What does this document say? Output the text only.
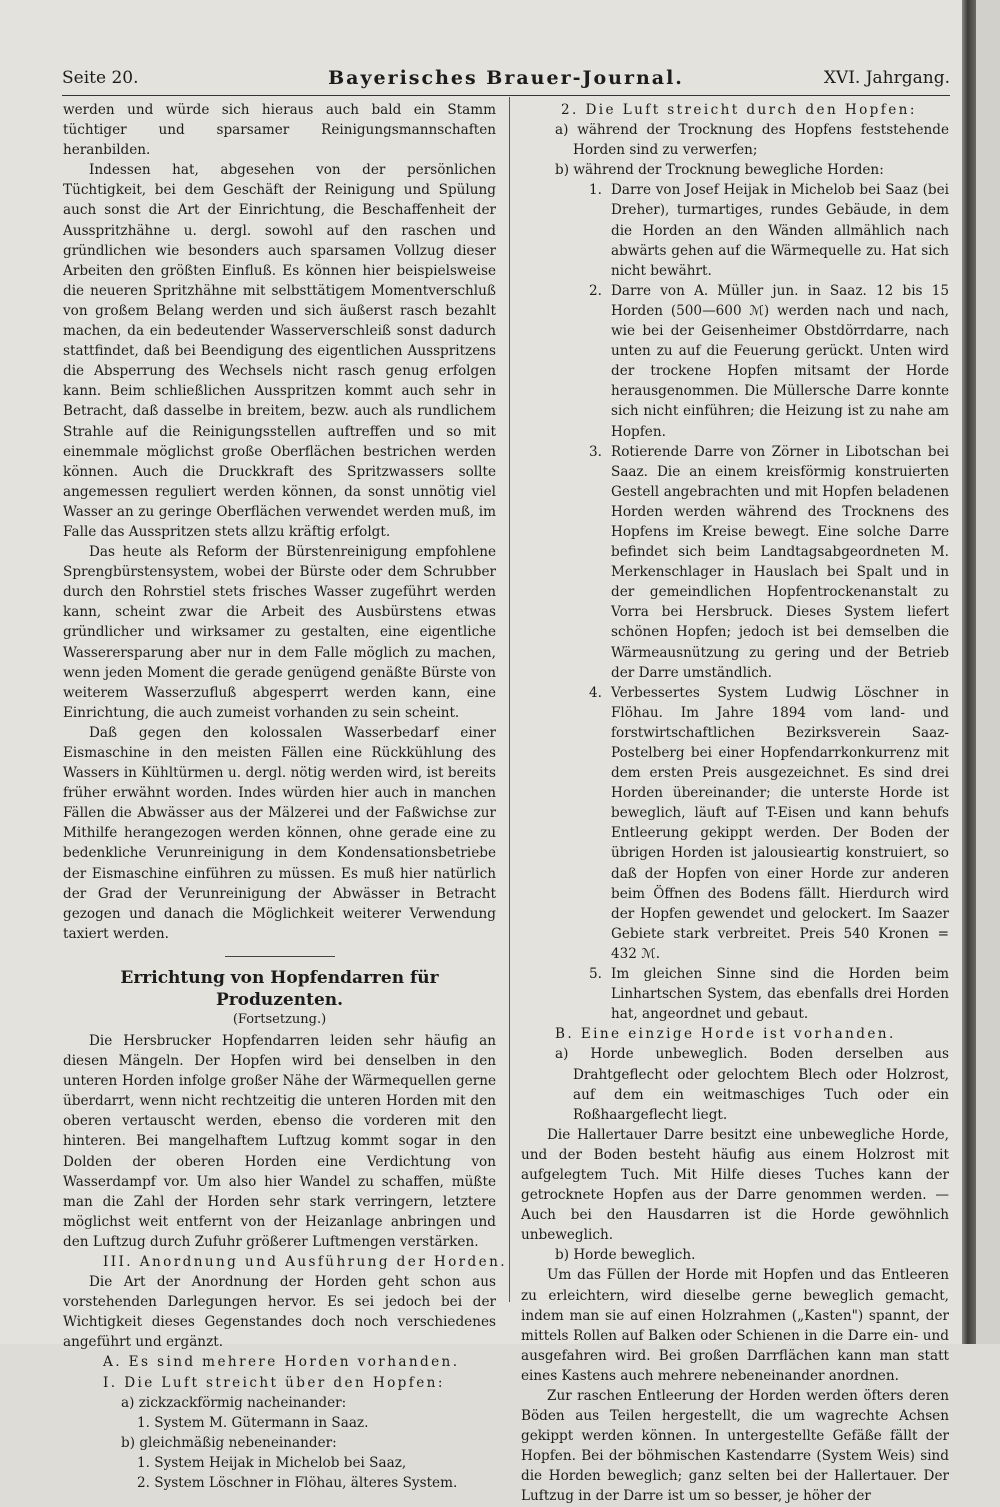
Seite 20.	Bayerisches Brauer-Journal.	XVI. Jahrgang.

werden und würde sich hieraus auch bald ein Stamm tüchtiger und sparsamer Reinigungsmannschaften heranbilden.

Indessen hat, abgesehen von der persönlichen Tüchtigkeit, bei dem Geschäft der Reinigung und Spülung auch sonst die Art der Einrichtung, die Beschaffenheit der Ausspritzhähne u. dergl. sowohl auf den raschen und gründlichen wie besonders auch sparsamen Vollzug dieser Arbeiten den größten Einfluß. Es können hier beispielsweise die neueren Spritzhähne mit selbsttätigem Momentverschluß von großem Belang werden und sich äußerst rasch bezahlt machen, da ein bedeutender Wasserverschleiß sonst dadurch stattfindet, daß bei Beendigung des eigentlichen Ausspritzens die Absperrung des Wechsels nicht rasch genug erfolgen kann. Beim schließlichen Ausspritzen kommt auch sehr in Betracht, daß dasselbe in breitem, bezw. auch als rundlichem Strahle auf die Reinigungsstellen auftreffen und so mit einemmale möglichst große Oberflächen bestrichen werden können. Auch die Druckkraft des Spritzwassers sollte angemessen reguliert werden können, da sonst unnötig viel Wasser an zu geringe Oberflächen verwendet werden muß, im Falle das Ausspritzen stets allzu kräftig erfolgt.

Das heute als Reform der Bürstenreinigung empfohlene Sprengbürstensystem, wobei der Bürste oder dem Schrubber durch den Rohrstiel stets frisches Wasser zugeführt werden kann, scheint zwar die Arbeit des Ausbürstens etwas gründlicher und wirksamer zu gestalten, eine eigentliche Wassererspаrung aber nur in dem Falle möglich zu machen, wenn jeden Moment die gerade genügend genäßte Bürste von weiterem Wasserzufluß abgesperrt werden kann, eine Einrichtung, die auch zumeist vorhanden zu sein scheint.

Daß gegen den kolossalen Wasserbedarf einer Eismaschine in den meisten Fällen eine Rückkühlung des Wassers in Kühltürmen u. dergl. nötig werden wird, ist bereits früher erwähnt worden. Indes würden hier auch in manchen Fällen die Abwässer aus der Mälzerei und der Faßwichse zur Mithilfe herangezogen werden können, ohne gerade eine zu bedenkliche Verunreinigung in dem Kondensationsbetriebe der Eismaschine einführen zu müssen. Es muß hier natürlich der Grad der Verunreinigung der Abwässer in Betracht gezogen und danach die Möglichkeit weiterer Verwendung taxiert werden.

Errichtung von Hopfendarren für Produzenten.
(Fortsetzung.)

Die Hersbrucker Hopfendarren leiden sehr häufig an diesen Mängeln. Der Hopfen wird bei denselben in den unteren Horden infolge großer Nähe der Wärmequellen gerne überdarrt, wenn nicht rechtzeitig die unteren Horden mit den oberen vertauscht werden, ebenso die vorderen mit den hinteren. Bei mangelhaftem Luftzug kommt sogar in den Dolden der oberen Horden eine Verdichtung von Wasserdampf vor. Um also hier Wandel zu schaffen, müßte man die Zahl der Horden sehr stark verringern, letztere möglichst weit entfernt von der Heizanlage anbringen und den Luftzug durch Zufuhr größerer Luftmengen verstärken.

III. Anordnung und Ausführung der Horden.

Die Art der Anordnung der Horden geht schon aus vorstehenden Darlegungen hervor. Es sei jedoch bei der Wichtigkeit dieses Gegenstandes doch noch verschiedenes angeführt und ergänzt.

A. Es sind mehrere Horden vorhanden.

I. Die Luft streicht über den Hopfen:

a) zickzackförmig nacheinander:

1. System M. Gütermann in Saaz.

b) gleichmäßig nebeneinander:

1. System Heijak in Michelob bei Saaz,

2. System Löschner in Flöhau, älteres System.

2. Die Luft streicht durch den Hopfen:

a) während der Trocknung des Hopfens feststehende Horden sind zu verwerfen;

b) während der Trocknung bewegliche Horden:

1. Darre von Josef Heijak in Michelob bei Saaz (bei Dreher), turmartiges, rundes Gebäude, in dem die Horden an den Wänden allmählich nach abwärts gehen auf die Wärmequelle zu. Hat sich nicht bewährt.

2. Darre von A. Müller jun. in Saaz. 12 bis 15 Horden (500—600 ℳ) werden nach und nach, wie bei der Geisenheimer Obstdörrdarre, nach unten zu auf die Feuerung gerückt. Unten wird der trockene Hopfen mitsamt der Horde herausgenommen. Die Müllersche Darre konnte sich nicht einführen; die Heizung ist zu nahe am Hopfen.

3. Rotierende Darre von Zörner in Libotschan bei Saaz. Die an einem kreisförmig konstruierten Gestell angebrachten und mit Hopfen beladenen Horden werden während des Trocknens des Hopfens im Kreise bewegt. Eine solche Darre befindet sich beim Landtagsabgeordneten M. Merkenschlager in Hauslach bei Spalt und in der gemeindlichen Hopfentrockenanstalt zu Vorra bei Hersbruck. Dieses System liefert schönen Hopfen; jedoch ist bei demselben die Wärmeausnützung zu gering und der Betrieb der Darre umständlich.

4. Verbessertes System Ludwig Löschner in Flöhau. Im Jahre 1894 vom land- und forstwirtschaftlichen Bezirksverein Saaz-Postelberg bei einer Hopfendarrkonkurrenz mit dem ersten Preis ausgezeichnet. Es sind drei Horden übereinander; die unterste Horde ist beweglich, läuft auf T-Eisen und kann behufs Entleerung gekippt werden. Der Boden der übrigen Horden ist jalousieartig konstruiert, so daß der Hopfen von einer Horde zur anderen beim Öffnen des Bodens fällt. Hierdurch wird der Hopfen gewendet und gelockert. Im Saazer Gebiete stark verbreitet. Preis 540 Kronen = 432 ℳ.

5. Im gleichen Sinne sind die Horden beim Linhartschen System, das ebenfalls drei Horden hat, angeordnet und gebaut.

B. Eine einzige Horde ist vorhanden.

a) Horde unbeweglich. Boden derselben aus Drahtgeflecht oder gelochtem Blech oder Holzrost, auf dem ein weitmaschiges Tuch oder ein Roßhaargeflecht liegt.

Die Hallertauer Darre besitzt eine unbewegliche Horde, und der Boden besteht häufig aus einem Holzrost mit aufgelegtem Tuch. Mit Hilfe dieses Tuches kann der getrocknete Hopfen aus der Darre genommen werden. — Auch bei den Hausdarren ist die Horde gewöhnlich unbeweglich.

b) Horde beweglich.

Um das Füllen der Horde mit Hopfen und das Entleeren zu erleichtern, wird dieselbe gerne beweglich gemacht, indem man sie auf einen Holzrahmen („Kasten") spannt, der mittels Rollen auf Balken oder Schienen in die Darre ein- und ausgefahren wird. Bei großen Darrflächen kann man statt eines Kastens auch mehrere nebeneinander anordnen.

Zur raschen Entleerung der Horden werden öfters deren Böden aus Teilen hergestellt, die um wagrechte Achsen gekippt werden können. In untergestellte Gefäße fällt der Hopfen. Bei der böhmischen Kastendarre (System Weis) sind die Horden beweglich; ganz selten bei der Hallertauer. Der Luftzug in der Darre ist um so besser, je höher der
